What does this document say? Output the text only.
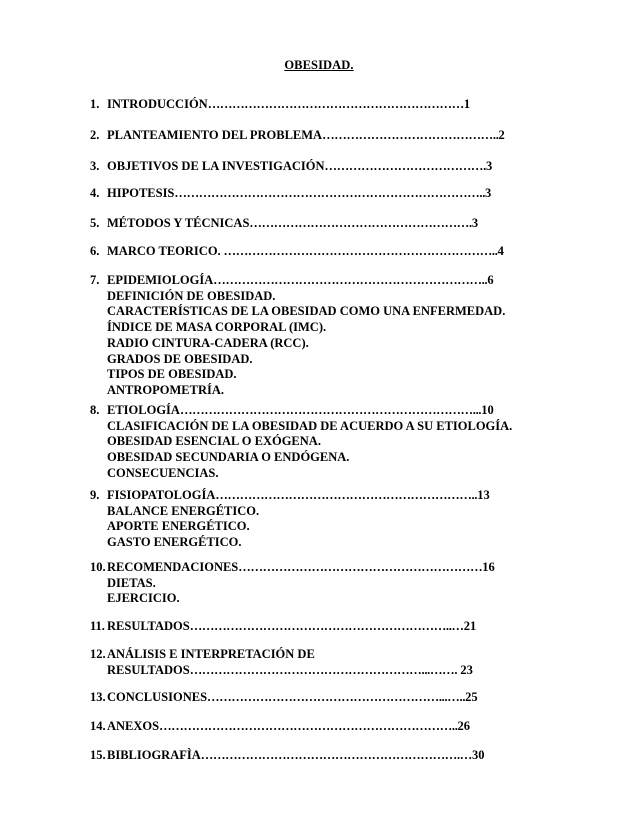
OBESIDAD.
1. INTRODUCCIÓN………………………………………………………1
2. PLANTEAMIENTO DEL PROBLEMA……………………………………..2
3. OBJETIVOS DE LA INVESTIGACIÓN………………………………….3
4. HIPOTESIS…………………………………………………………………..3
5. MÉTODOS Y TÉCNICAS……………………………………………….3
6. MARCO TEORICO. …………………………………………………………..4
7. EPIDEMIOLOGÍA…………………………………………………………..6
DEFINICIÓN DE OBESIDAD.
CARACTERÍSTICAS DE LA OBESIDAD COMO UNA ENFERMEDAD.
ÍNDICE DE MASA CORPORAL (IMC).
RADIO CINTURA-CADERA (RCC).
GRADOS DE OBESIDAD.
TIPOS DE OBESIDAD.
ANTROPOMETRÍA.
8. ETIOLOGÍA………………………………………………………………...10
CLASIFICACIÓN DE LA OBESIDAD DE ACUERDO A SU ETIOLOGÍA.
OBESIDAD ESENCIAL O EXÓGENA.
OBESIDAD SECUNDARIA O ENDÓGENA.
CONSECUENCIAS.
9. FISIOPATOLOGÍA………………………………………………………..13
BALANCE ENERGÉTICO.
APORTE ENERGÉTICO.
GASTO ENERGÉTICO.
10.RECOMENDACIONES……………………………………………………16
DIETAS.
EJERCICIO.
11. RESULTADOS………………………………………………………..…21
12.ANÁLISIS E INTERPRETACIÓN DE
RESULTADOS…………………………………………………...……. 23
13.CONCLUSIONES…………………………………………………...…..25
14.ANEXOS………………………………………………………………..26
15.BIBLIOGRAFÌA……………………………………………………….…30
